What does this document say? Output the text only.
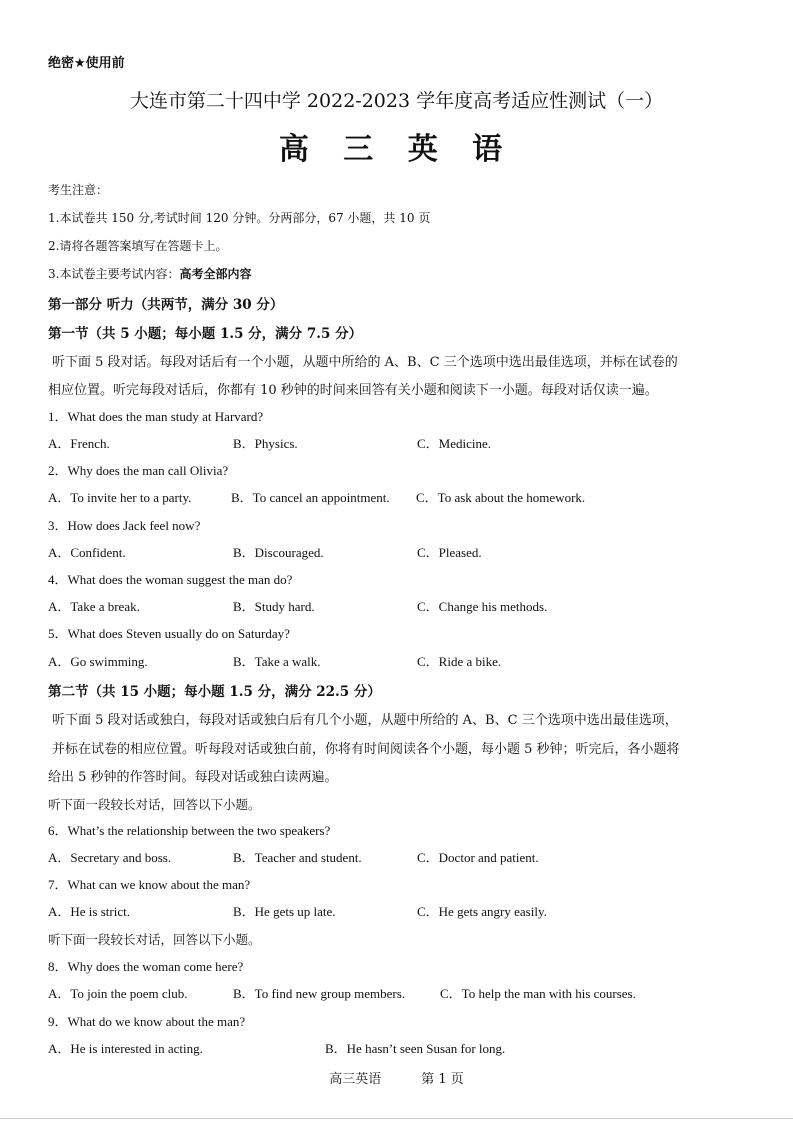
绝密★使用前
大连市第二十四中学 2022-2023 学年度高考适应性测试（一）
高 三 英 语
考生注意：
1.本试卷共 150 分,考试时间 120 分钟。分两部分，67 小题，共 10 页
2.请将各题答案填写在答题卡上。
3.本试卷主要考试内容：高考全部内容
第一部分 听力（共两节，满分 30 分）
第一节（共 5 小题；每小题 1.5 分，满分 7.5 分）
听下面 5 段对话。每段对话后有一个小题，从题中所给的 A、B、C 三个选项中选出最佳选项，并标在试卷的
相应位置。听完每段对话后，你都有 10 秒钟的时间来回答有关小题和阅读下一小题。每段对话仅读一遍。
1．What does the man study at Harvard?
A．French.	B．Physics.	C．Medicine.
2．Why does the man call Olivia?
A．To invite her to a party.	B．To cancel an appointment. C．To ask about the homework.
3．How does Jack feel now?
A．Confident.	B．Discouraged.	C．Pleased.
4．What does the woman suggest the man do?
A．Take a break.	B．Study hard.	C．Change his methods.
5．What does Steven usually do on Saturday?
A．Go swimming.	B．Take a walk.	C．Ride a bike.
第二节（共 15 小题；每小题 1.5 分，满分 22.5 分）
听下面 5 段对话或独白，每段对话或独白后有几个小题，从题中所给的 A、B、C 三个选项中选出最佳选项，
并标在试卷的相应位置。听每段对话或独白前，你将有时间阅读各个小题，每小题 5 秒钟；听完后，各小题将
给出 5 秒钟的作答时间。每段对话或独白读两遍。
听下面一段较长对话，回答以下小题。
6．What’s the relationship between the two speakers?
A．Secretary and boss.	B．Teacher and student.	C．Doctor and patient.
7．What can we know about the man?
A．He is strict.	B．He gets up late.	C．He gets angry easily.
听下面一段较长对话，回答以下小题。
8．Why does the woman come here?
A．To join the poem club.	B．To find new group members.	C．To help the man with his courses.
9．What do we know about the man?
A．He is interested in acting.	B．He hasn’t seen Susan for long.
高三英语	第 1 页
